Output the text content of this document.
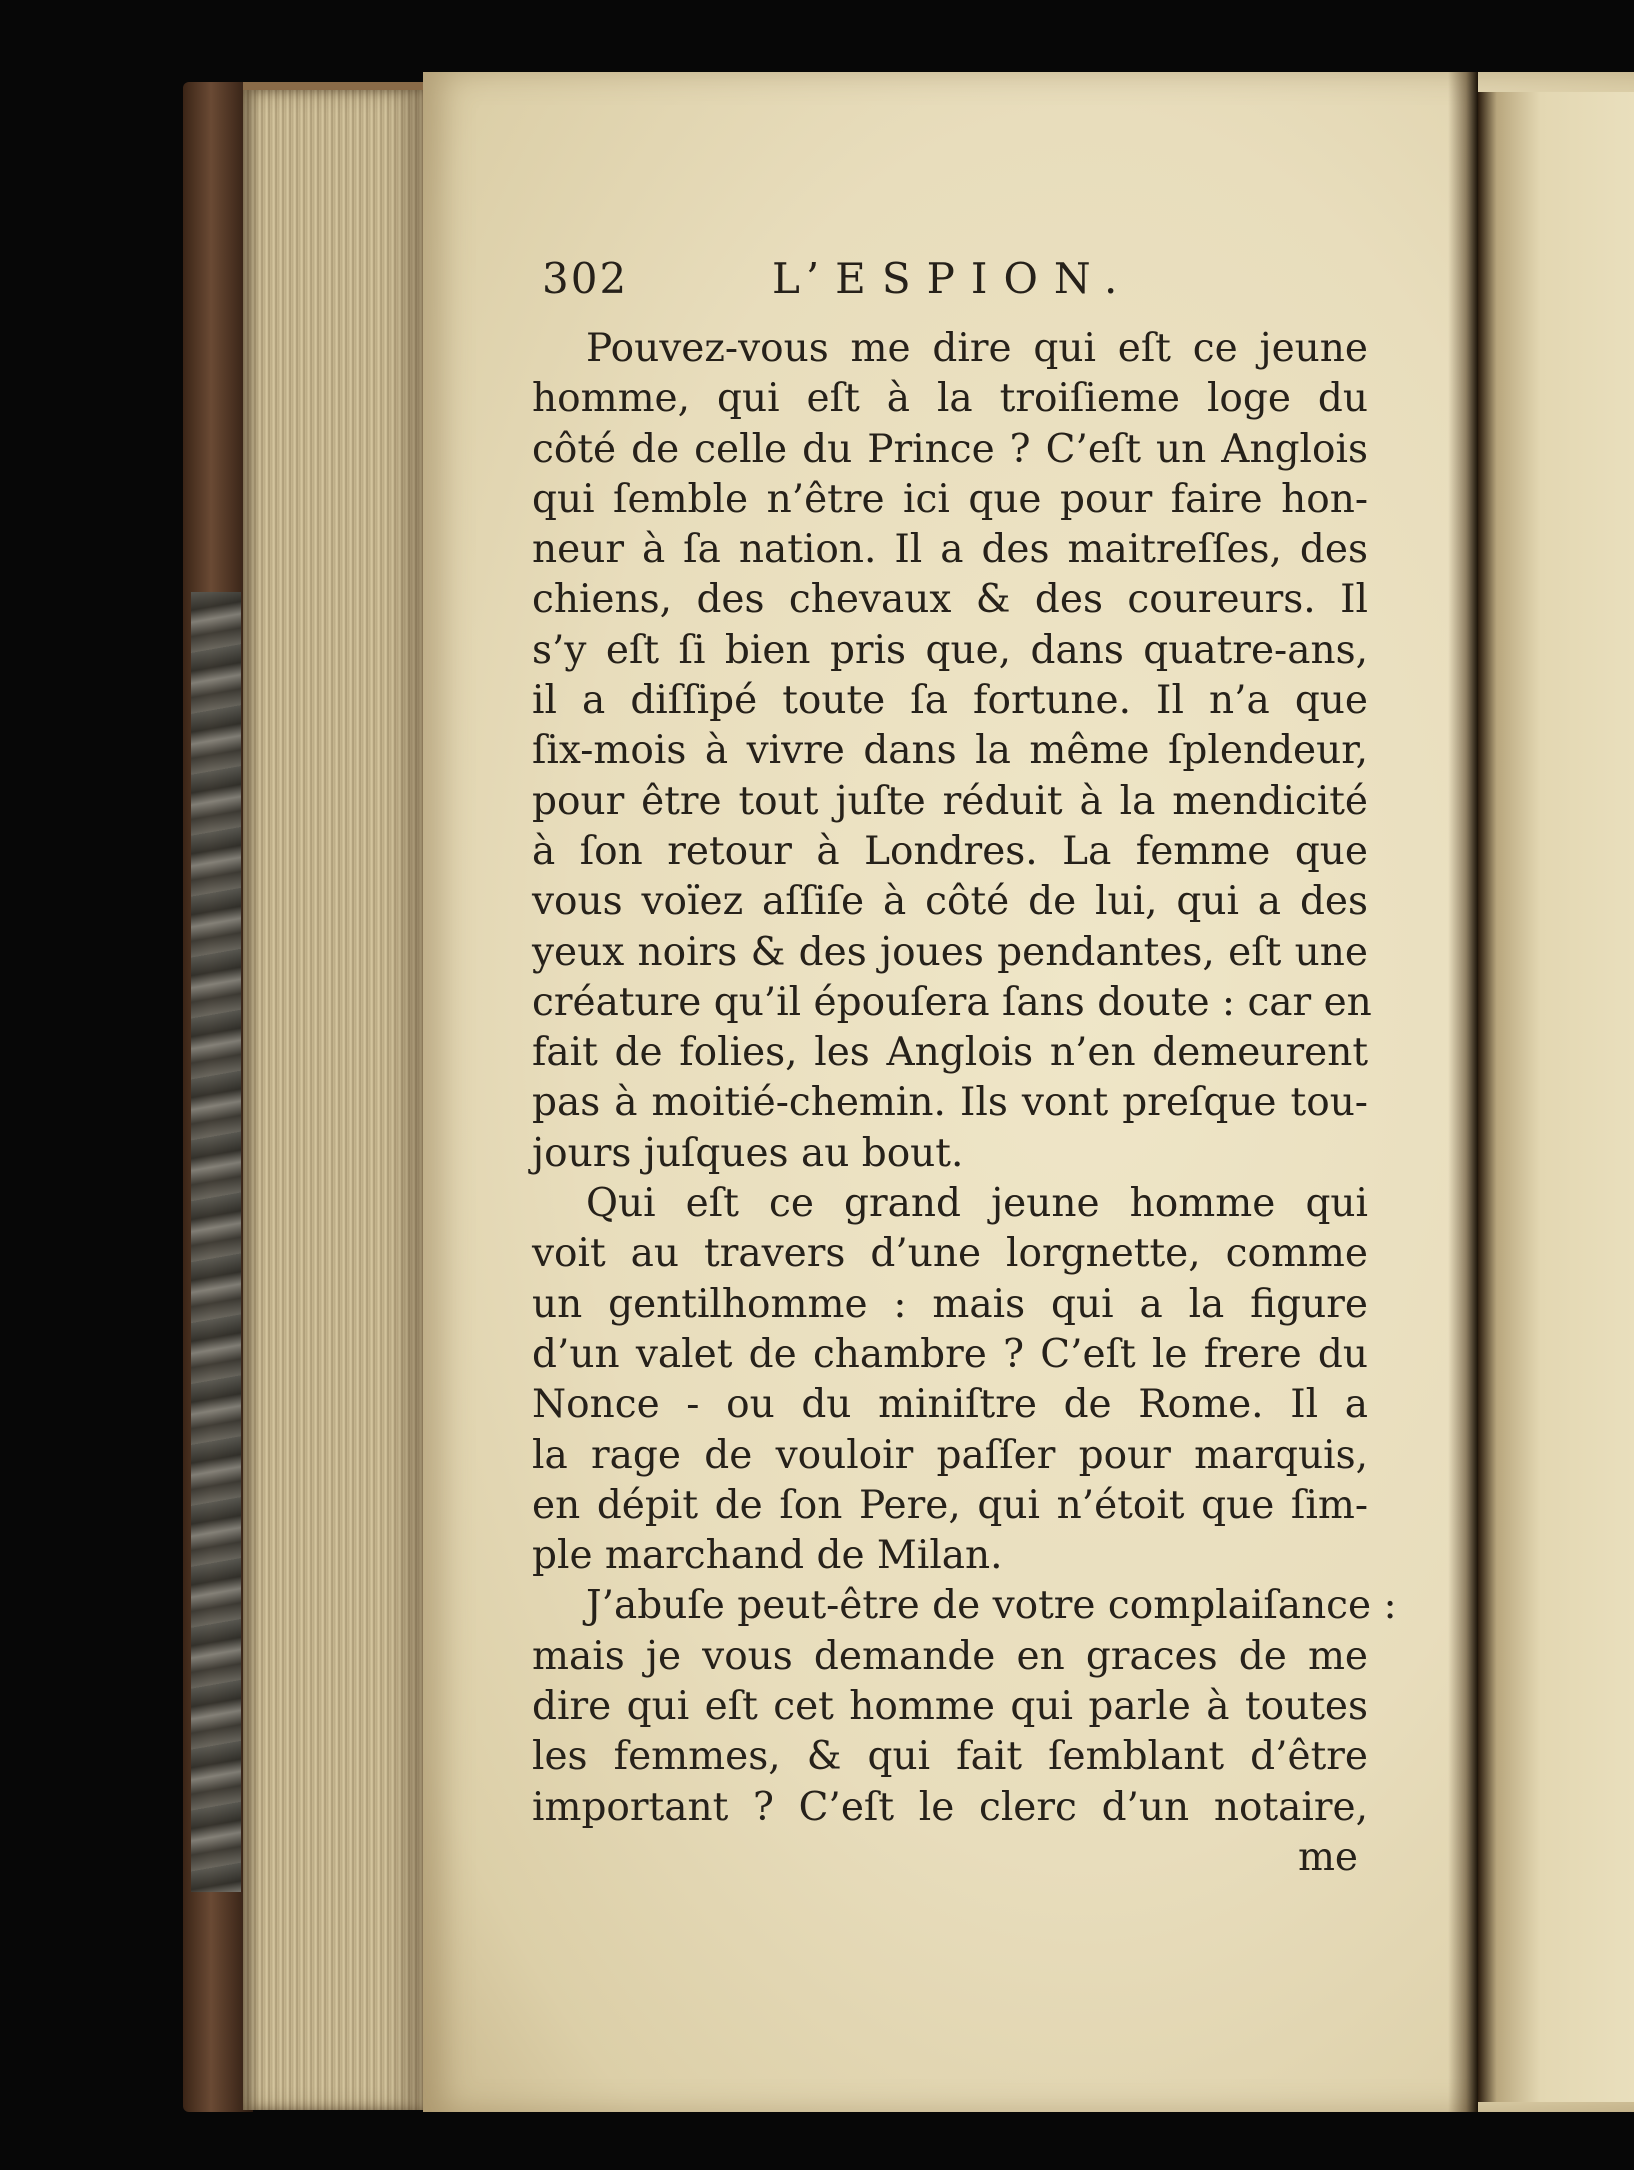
302	L’ESPION.
Pouvez-vous me dire qui eſt ce jeune
homme, qui eſt à la troiſieme loge du
côté de celle du Prince ? C’eſt un Anglois
qui ſemble n’être ici que pour faire hon-
neur à ſa nation. Il a des maitreſſes, des
chiens, des chevaux & des coureurs. Il
s’y eſt ſi bien pris que, dans quatre-ans,
il a diſſipé toute ſa fortune. Il n’a que
ſix-mois à vivre dans la même ſplendeur,
pour être tout juſte réduit à la mendicité
à ſon retour à Londres. La femme que
vous voïez aſſiſe à côté de lui, qui a des
yeux noirs & des joues pendantes, eſt une
créature qu’il épouſera ſans doute : car en
fait de folies, les Anglois n’en demeurent
pas à moitié-chemin. Ils vont preſque tou-
jours juſques au bout.
Qui eſt ce grand jeune homme qui
voit au travers d’une lorgnette, comme
un gentilhomme : mais qui a la figure
d’un valet de chambre ? C’eſt le frere du
Nonce - ou du miniſtre de Rome. Il a
la rage de vouloir paſſer pour marquis,
en dépit de ſon Pere, qui n’étoit que ſim-
ple marchand de Milan.
J’abuſe peut-être de votre complaiſance :
mais je vous demande en graces de me
dire qui eſt cet homme qui parle à toutes
les femmes, & qui fait ſemblant d’être
important ? C’eſt le clerc d’un notaire,
me
